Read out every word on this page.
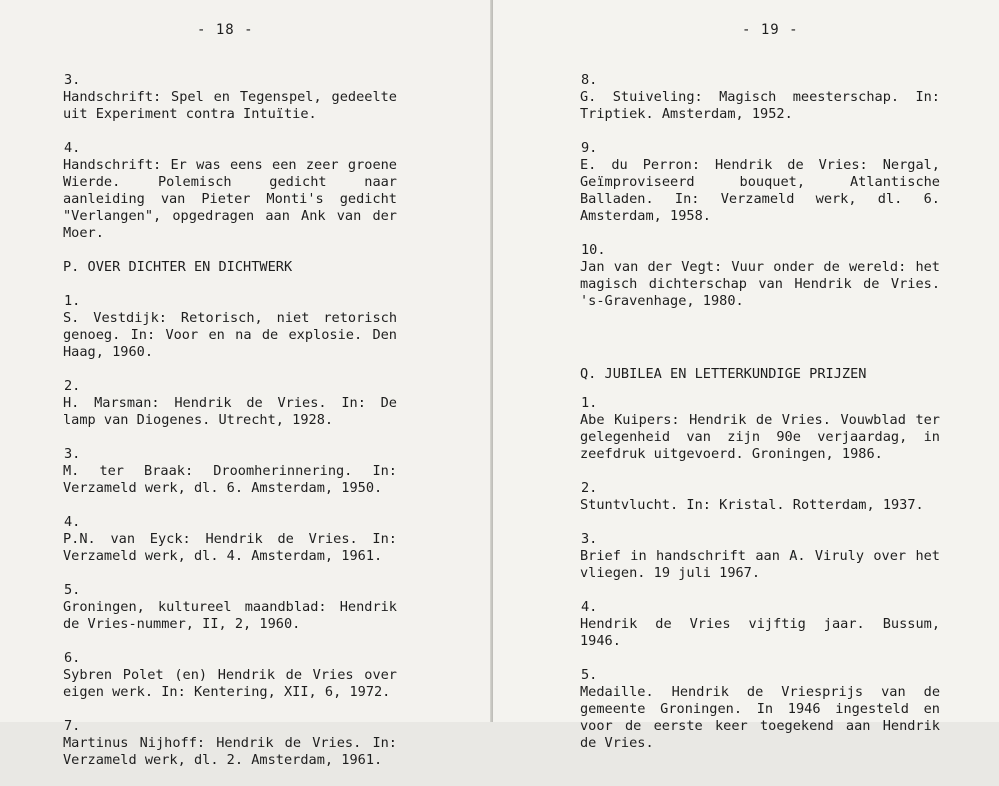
- 18 -
3.
Handschrift: Spel en Tegenspel, gedeelte uit Experiment contra Intuïtie.
4.
Handschrift: Er was eens een zeer groene Wierde. Polemisch gedicht naar aanleiding van Pieter Monti's gedicht "Verlangen", opgedragen aan Ank van der Moer.
P. OVER DICHTER EN DICHTWERK
1.
S. Vestdijk: Retorisch, niet retorisch genoeg. In: Voor en na de explosie. Den Haag, 1960.
2.
H. Marsman: Hendrik de Vries. In: De lamp van Diogenes. Utrecht, 1928.
3.
M. ter Braak: Droomherinnering. In: Verzameld werk, dl. 6. Amsterdam, 1950.
4.
P.N. van Eyck: Hendrik de Vries. In: Verzameld werk, dl. 4. Amsterdam, 1961.
5.
Groningen, kultureel maandblad: Hendrik de Vries-nummer, II, 2, 1960.
6.
Sybren Polet (en) Hendrik de Vries over eigen werk. In: Kentering, XII, 6, 1972.
7.
Martinus Nijhoff: Hendrik de Vries. In: Verzameld werk, dl. 2. Amsterdam, 1961.
- 19 -
8.
G. Stuiveling: Magisch meesterschap. In: Triptiek. Amsterdam, 1952.
9.
E. du Perron: Hendrik de Vries: Nergal, Geïmproviseerd bouquet, Atlantische Balladen. In: Verzameld werk, dl. 6. Amsterdam, 1958.
10.
Jan van der Vegt: Vuur onder de wereld: het magisch dichterschap van Hendrik de Vries. 's-Gravenhage, 1980.
Q. JUBILEA EN LETTERKUNDIGE PRIJZEN
1.
Abe Kuipers: Hendrik de Vries. Vouwblad ter gelegenheid van zijn 90e verjaardag, in zeefdruk uitgevoerd. Groningen, 1986.
2.
Stuntvlucht. In: Kristal. Rotterdam, 1937.
3.
Brief in handschrift aan A. Viruly over het vliegen. 19 juli 1967.
4.
Hendrik de Vries vijftig jaar. Bussum, 1946.
5.
Medaille. Hendrik de Vriesprijs van de gemeente Groningen. In 1946 ingesteld en voor de eerste keer toegekend aan Hendrik de Vries.
